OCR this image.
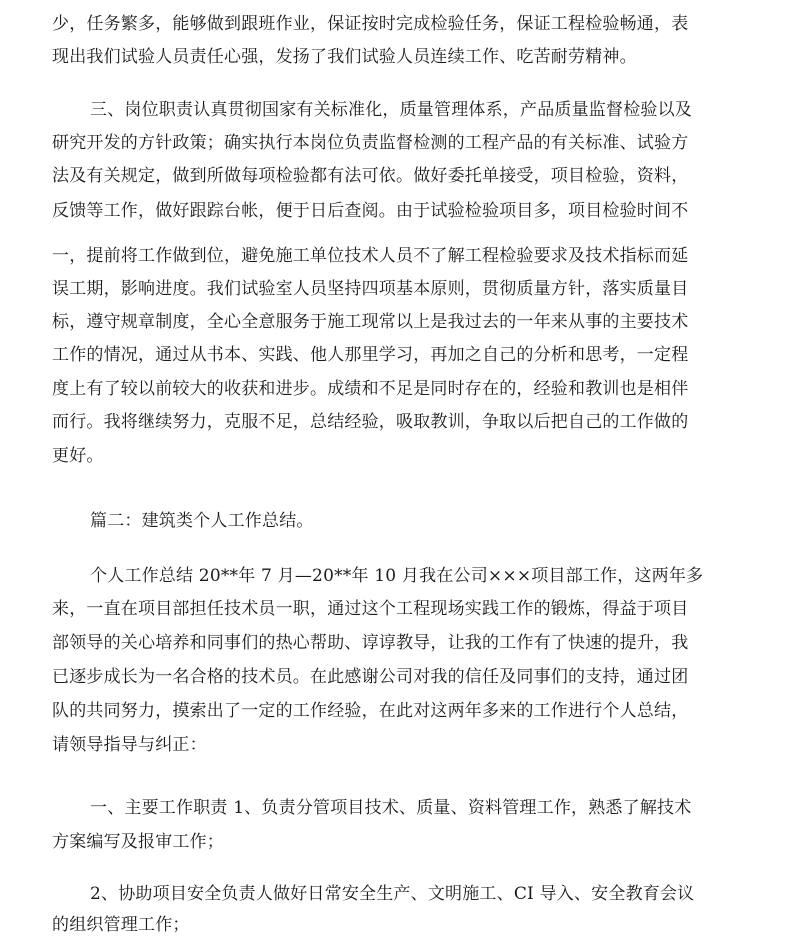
少，任务繁多，能够做到跟班作业，保证按时完成检验任务，保证工程检验畅通，表
现出我们试验人员责任心强，发扬了我们试验人员连续工作、吃苦耐劳精神。
三、岗位职责认真贯彻国家有关标准化，质量管理体系，产品质量监督检验以及
研究开发的方针政策；确实执行本岗位负责监督检测的工程产品的有关标准、试验方
法及有关规定，做到所做每项检验都有法可依。做好委托单接受，项目检验，资料，
反馈等工作，做好跟踪台帐，便于日后查阅。由于试验检验项目多，项目检验时间不
一，提前将工作做到位，避免施工单位技术人员不了解工程检验要求及技术指标而延
误工期，影响进度。我们试验室人员坚持四项基本原则，贯彻质量方针，落实质量目
标，遵守规章制度，全心全意服务于施工现常以上是我过去的一年来从事的主要技术
工作的情况，通过从书本、实践、他人那里学习，再加之自己的分析和思考，一定程
度上有了较以前较大的收获和进步。成绩和不足是同时存在的，经验和教训也是相伴
而行。我将继续努力，克服不足，总结经验，吸取教训，争取以后把自己的工作做的
更好。
篇二：建筑类个人工作总结。
个人工作总结 20**年 7 月—20**年 10 月我在公司×××项目部工作，这两年多
来，一直在项目部担任技术员一职，通过这个工程现场实践工作的锻炼，得益于项目
部领导的关心培养和同事们的热心帮助、谆谆教导，让我的工作有了快速的提升，我
已逐步成长为一名合格的技术员。在此感谢公司对我的信任及同事们的支持，通过团
队的共同努力，摸索出了一定的工作经验，在此对这两年多来的工作进行个人总结，
请领导指导与纠正：
一、主要工作职责 1、负责分管项目技术、质量、资料管理工作，熟悉了解技术
方案编写及报审工作；
2、协助项目安全负责人做好日常安全生产、文明施工、CI 导入、安全教育会议
的组织管理工作；
